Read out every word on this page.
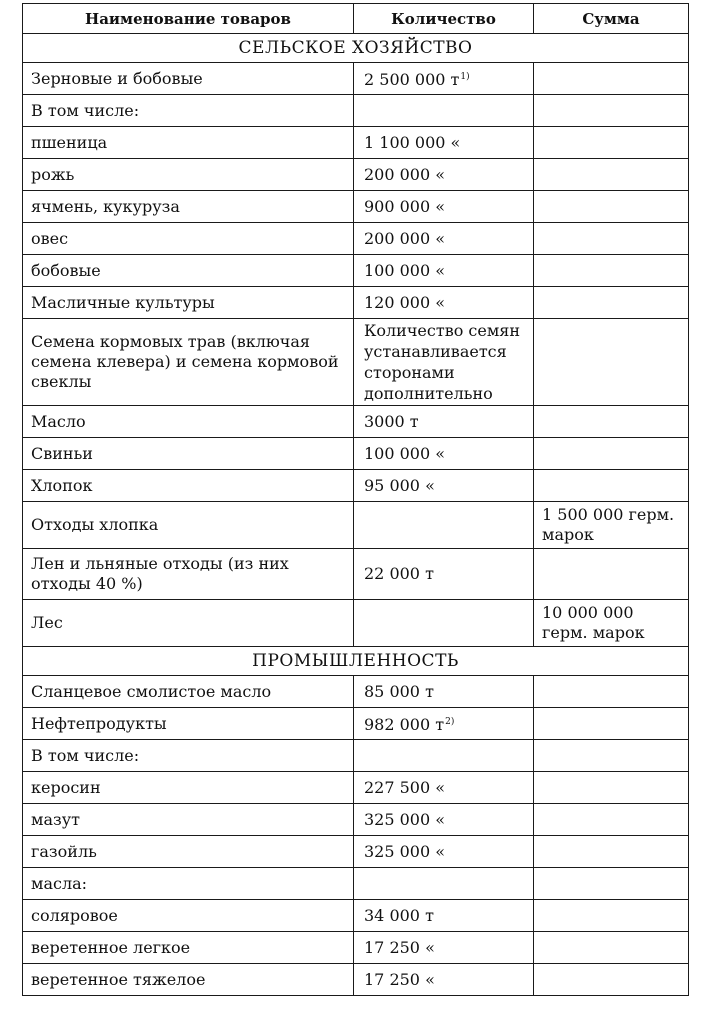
Наименование товаров	Количество	Сумма
СЕЛЬСКОЕ ХОЗЯЙСТВО		
Зерновые и бобовые	2 500 000 $т^{1)}$	
В том числе:		
пшеница	1 100 000 «	
рожь	200 000 «	
ячмень, кукуруза	900 000 «	
овес	200 000 «	
бобовые	100 000 «	
Масличные культуры	120 000 «	
Семена кормовых трав (включая семена клевера) и семена кормовой свеклы	Количество семян устанавливается сторонами дополнительно	
Масло	3000 т	
Свиньи	100 000 «	
Хлопок	95 000 «	
Отходы хлопка		1 500 000 герм. марок
Лен и льняные отходы (из них отходы 40 %)	22 000 т	
Лес		10 000 000 герм. марок
ПРОМЫШЛЕННОСТЬ		
Сланцевое смолистое масло	85 000 т	
Нефтепродукты	982 000 $т^{2)}$	
В том числе:		
керосин	227 500 «	
мазут	325 000 «	
газойль	325 000 «	
масла:		
соляровое	34 000 т	
веретенное легкое	17 250 «	
веретенное тяжелое	17 250 «	
